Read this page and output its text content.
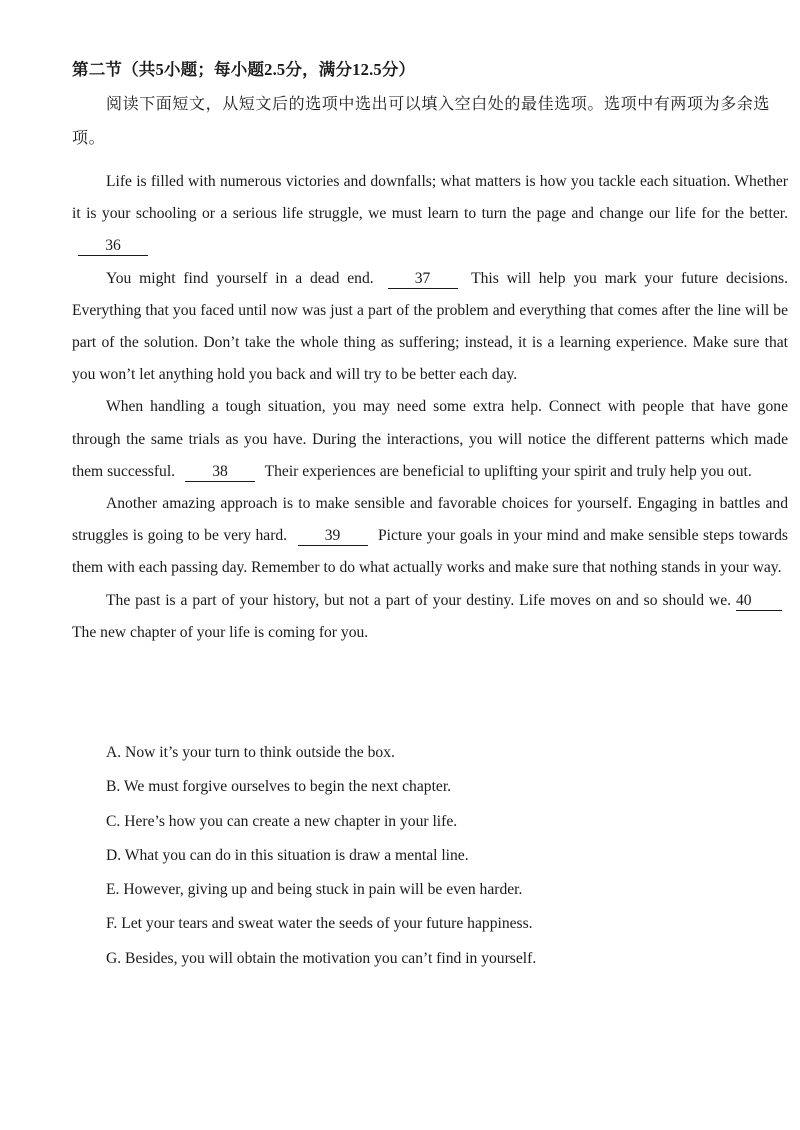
第二节（共5小题；每小题2.5分，满分12.5分）
阅读下面短文，从短文后的选项中选出可以填入空白处的最佳选项。选项中有两项为多余选项。

Life is filled with numerous victories and downfalls; what matters is how you tackle each situation. Whether it is your schooling or a serious life struggle, we must learn to turn the page and change our life for the better. 36

You might find yourself in a dead end.	37	This will help you mark your future decisions. Everything that you faced until now was just a part of the problem and everything that comes after the line will be part of the solution. Don’t take the whole thing as suffering; instead, it is a learning experience. Make sure that you won’t let anything hold you back and will try to be better each day.

When handling a tough situation, you may need some extra help. Connect with people that have gone through the same trials as you have. During the interactions, you will notice the different patterns which made them successful. 38 Their experiences are beneficial to uplifting your spirit and truly help you out.

Another amazing approach is to make sensible and favorable choices for yourself. Engaging in battles and struggles is going to be very hard. 39 Picture your goals in your mind and make sensible steps towards them with each passing day. Remember to do what actually works and make sure that nothing stands in your way.

The past is a part of your history, but not a part of your destiny. Life moves on and so should we. 40 The new chapter of your life is coming for you.

A. Now it’s your turn to think outside the box.
B. We must forgive ourselves to begin the next chapter.
C. Here’s how you can create a new chapter in your life.
D. What you can do in this situation is draw a mental line.
E. However, giving up and being stuck in pain will be even harder.
F. Let your tears and sweat water the seeds of your future happiness.
G. Besides, you will obtain the motivation you can’t find in yourself.
